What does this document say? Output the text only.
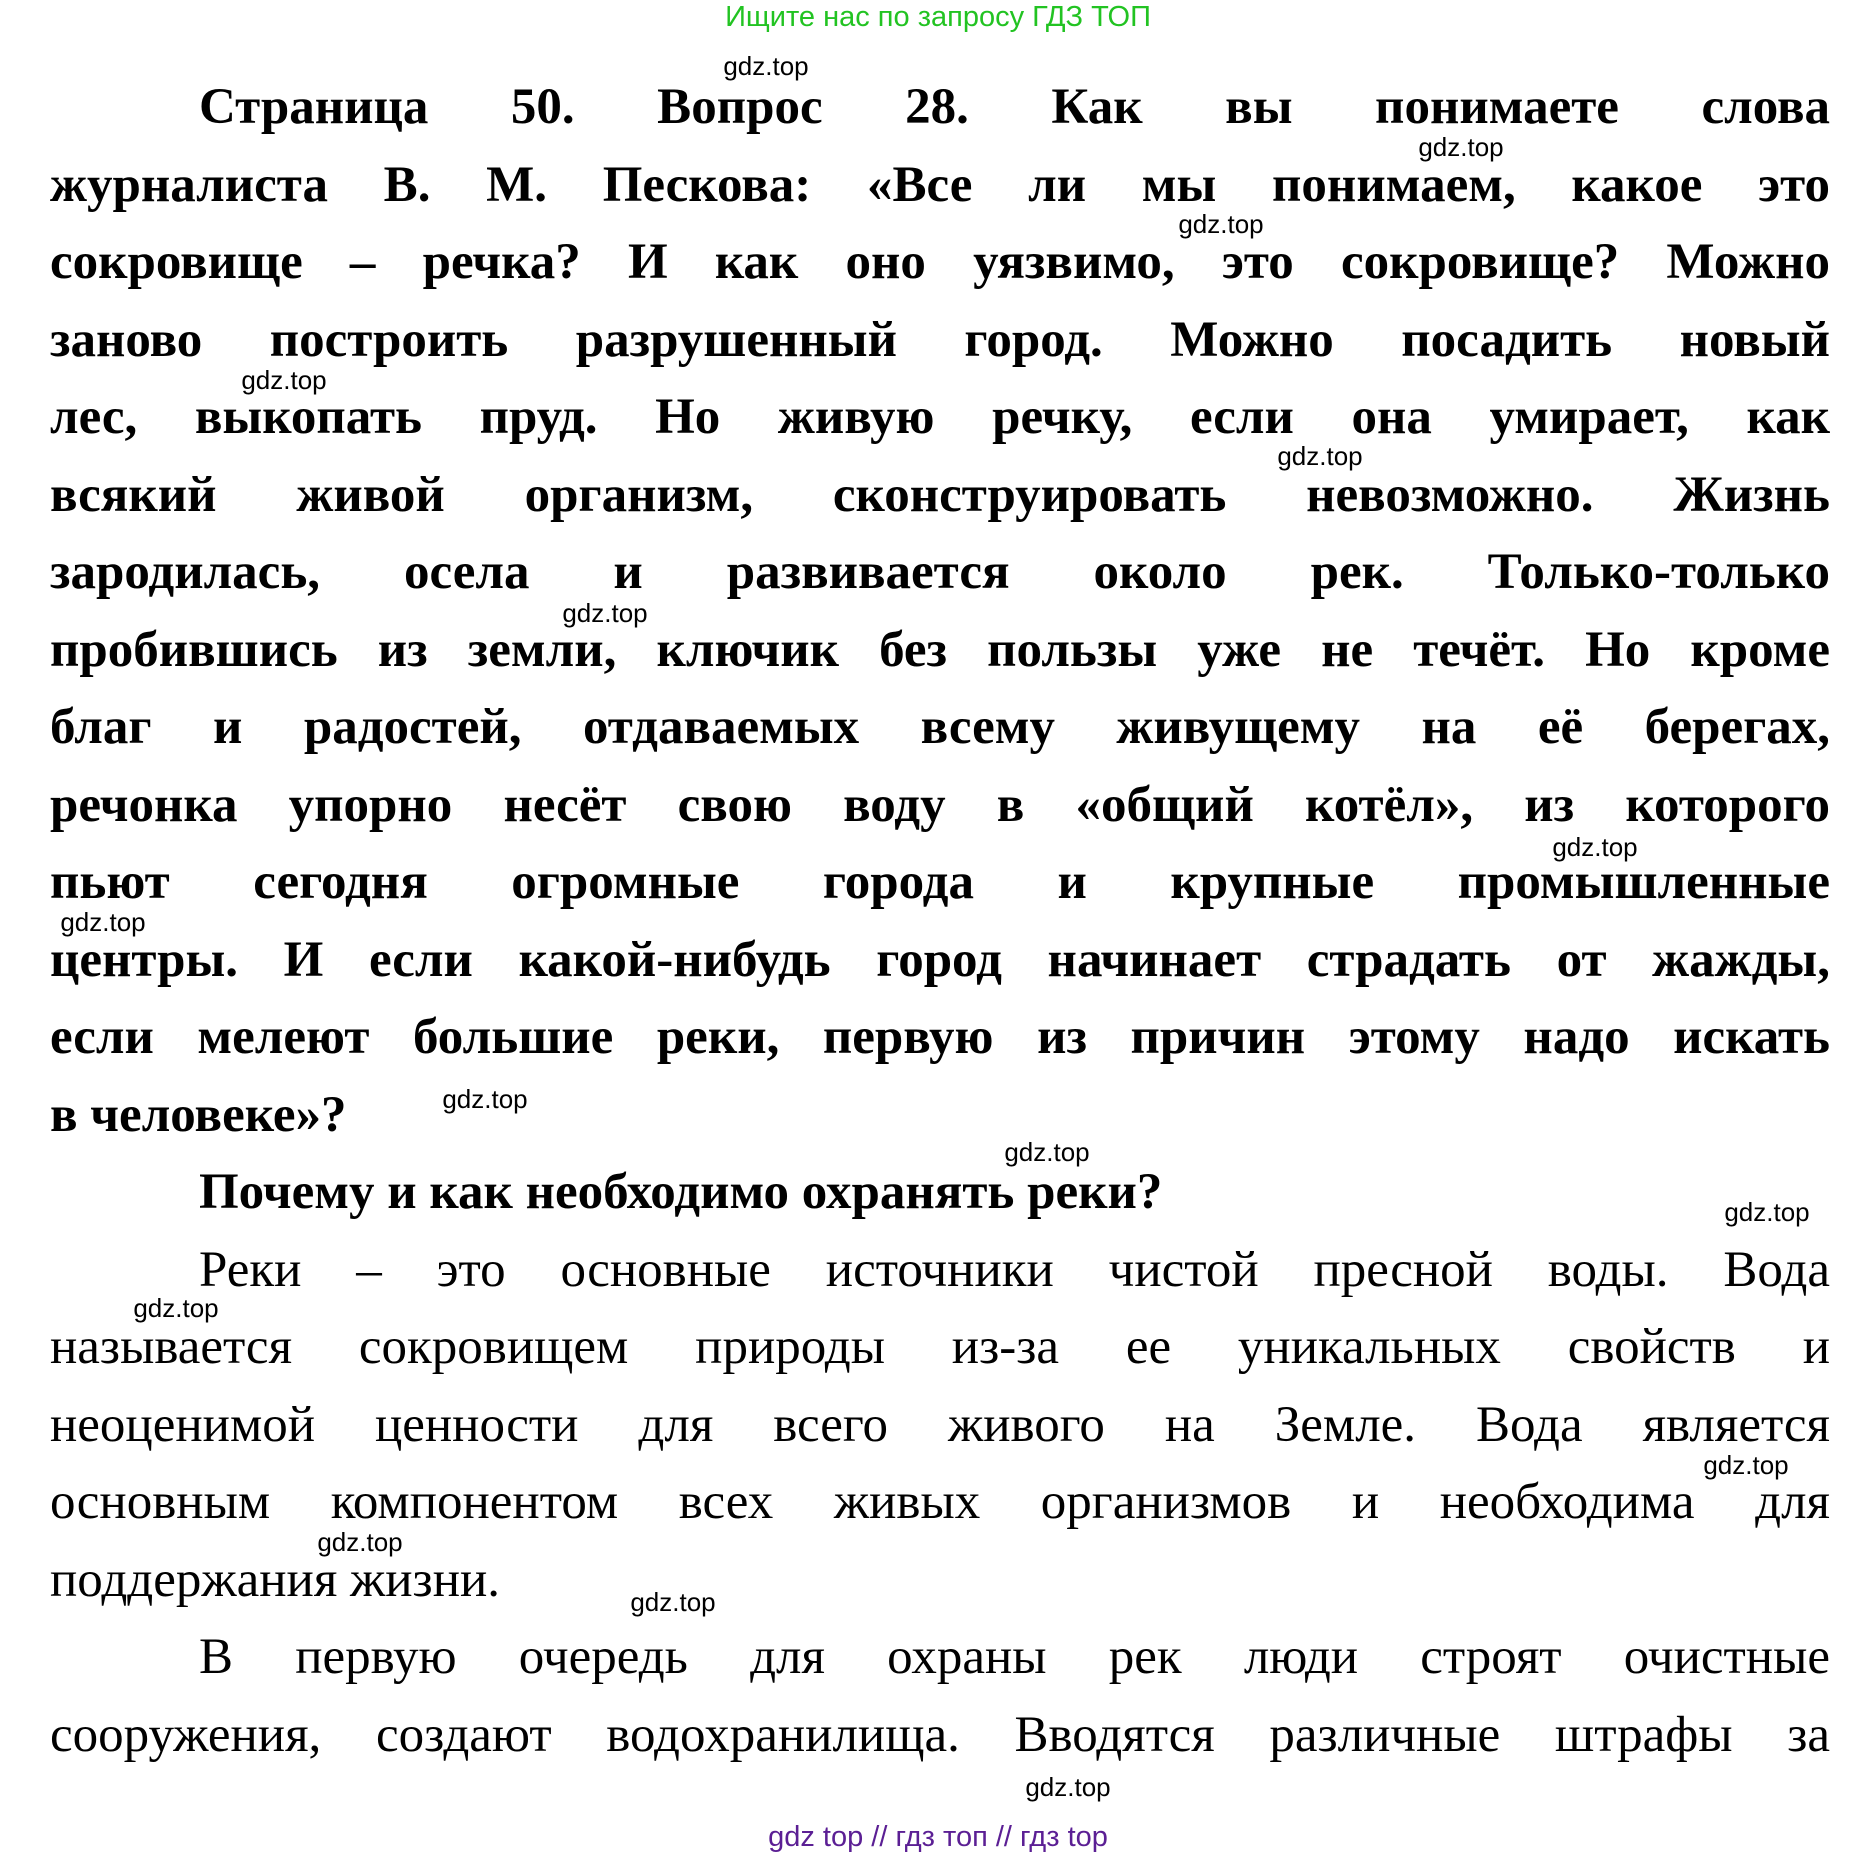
Ищите нас по запросу ГДЗ ТОП
Страница 50. Вопрос 28. Как вы понимаете слова
журналиста В. М. Пескова: «Все ли мы понимаем, какое это
сокровище – речка? И как оно уязвимо, это сокровище? Можно
заново построить разрушенный город. Можно посадить новый
лес, выкопать пруд. Но живую речку, если она умирает, как
всякий живой организм, сконструировать невозможно. Жизнь
зародилась, осела и развивается около рек. Только-только
пробившись из земли, ключик без пользы уже не течёт. Но кроме
благ и радостей, отдаваемых всему живущему на её берегах,
речонка упорно несёт свою воду в «общий котёл», из которого
пьют сегодня огромные города и крупные промышленные
центры. И если какой-нибудь город начинает страдать от жажды,
если мелеют большие реки, первую из причин этому надо искать
в человеке»?
Почему и как необходимо охранять реки?
Реки – это основные источники чистой пресной воды. Вода
называется сокровищем природы из-за ее уникальных свойств и
неоценимой ценности для всего живого на Земле. Вода является
основным компонентом всех живых организмов и необходима для
поддержания жизни.
В первую очередь для охраны рек люди строят очистные
сооружения, создают водохранилища. Вводятся различные штрафы за
gdz.top
gdz.top
gdz.top
gdz.top
gdz.top
gdz.top
gdz.top
gdz.top
gdz.top
gdz.top
gdz.top
gdz.top
gdz.top
gdz.top
gdz.top
gdz.top
gdz top // гдз топ // гдз top
